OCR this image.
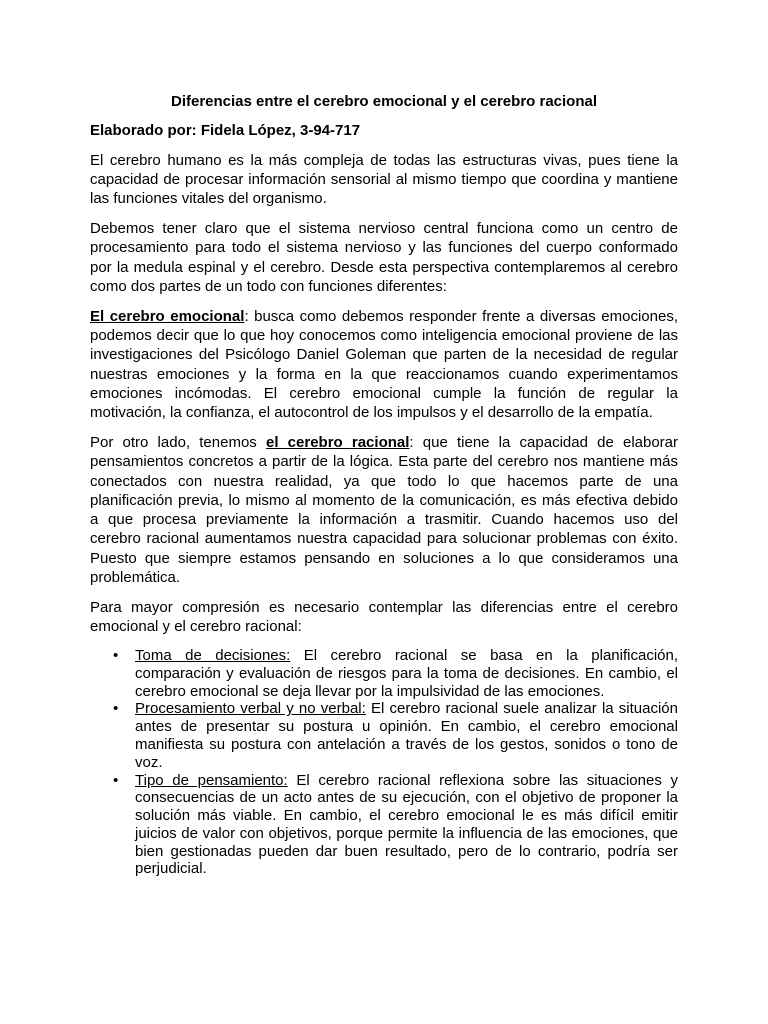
Diferencias entre el cerebro emocional y el cerebro racional
Elaborado por: Fidela López, 3-94-717
El cerebro humano es la más compleja de todas las estructuras vivas, pues tiene la
capacidad de procesar información sensorial al mismo tiempo que coordina y mantiene
las funciones vitales del organismo.
Debemos tener claro que el sistema nervioso central funciona como un centro de
procesamiento para todo el sistema nervioso y las funciones del cuerpo conformado
por la medula espinal y el cerebro. Desde esta perspectiva contemplaremos al cerebro
como dos partes de un todo con funciones diferentes:
El cerebro emocional: busca como debemos responder frente a diversas emociones,
podemos decir que lo que hoy conocemos como inteligencia emocional proviene de las
investigaciones del Psicólogo Daniel Goleman que parten de la necesidad de regular
nuestras emociones y la forma en la que reaccionamos cuando experimentamos
emociones incómodas. El cerebro emocional cumple la función de regular la
motivación, la confianza, el autocontrol de los impulsos y el desarrollo de la empatía.
Por otro lado, tenemos el cerebro racional: que tiene la capacidad de elaborar
pensamientos concretos a partir de la lógica. Esta parte del cerebro nos mantiene más
conectados con nuestra realidad, ya que todo lo que hacemos parte de una
planificación previa, lo mismo al momento de la comunicación, es más efectiva debido
a que procesa previamente la información a trasmitir. Cuando hacemos uso del
cerebro racional aumentamos nuestra capacidad para solucionar problemas con éxito.
Puesto que siempre estamos pensando en soluciones a lo que consideramos una
problemática.
Para mayor compresión es necesario contemplar las diferencias entre el cerebro
emocional y el cerebro racional:
• Toma de decisiones: El cerebro racional se basa en la planificación,
comparación y evaluación de riesgos para la toma de decisiones. En cambio, el
cerebro emocional se deja llevar por la impulsividad de las emociones.
• Procesamiento verbal y no verbal: El cerebro racional suele analizar la situación
antes de presentar su postura u opinión. En cambio, el cerebro emocional
manifiesta su postura con antelación a través de los gestos, sonidos o tono de
voz.
• Tipo de pensamiento: El cerebro racional reflexiona sobre las situaciones y
consecuencias de un acto antes de su ejecución, con el objetivo de proponer la
solución más viable. En cambio, el cerebro emocional le es más difícil emitir
juicios de valor con objetivos, porque permite la influencia de las emociones, que
bien gestionadas pueden dar buen resultado, pero de lo contrario, podría ser
perjudicial.
